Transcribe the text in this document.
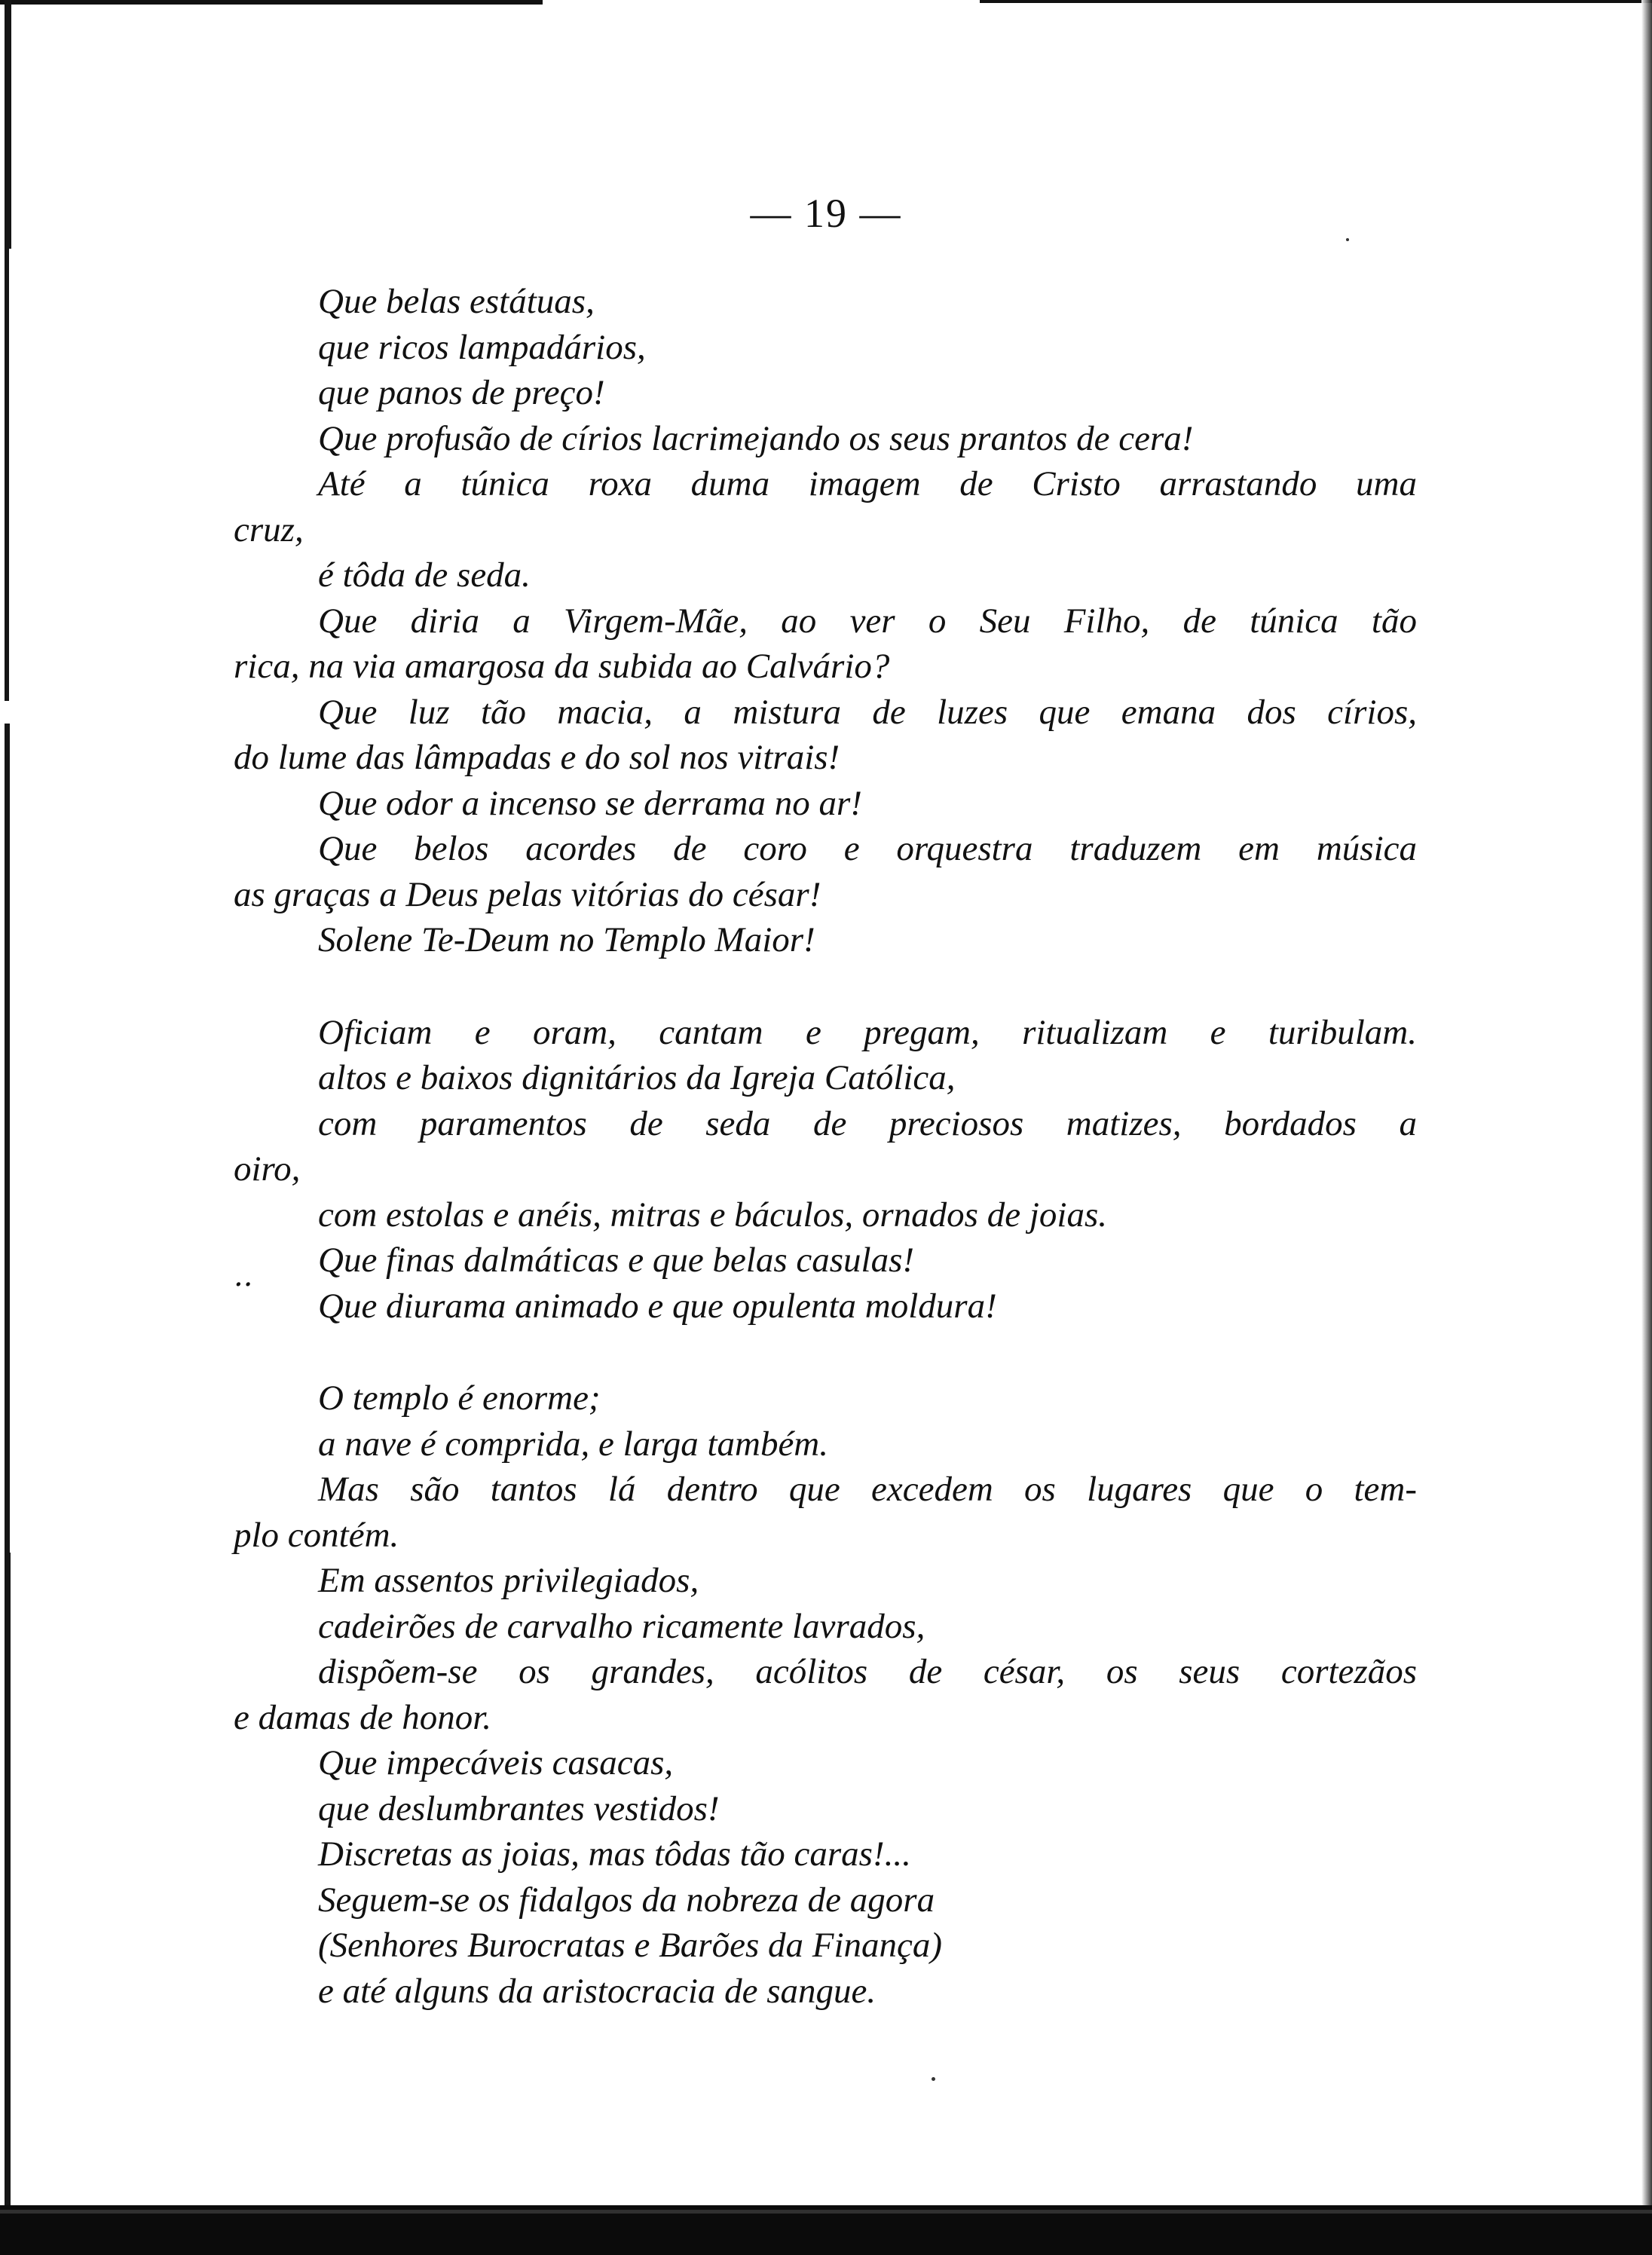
— 19 —
Que belas estátuas,
que ricos lampadários,
que panos de preço!
Que profusão de círios lacrimejando os seus prantos de cera!
Até a túnica roxa duma imagem de Cristo arrastando uma
cruz,
é tôda de seda.
Que diria a Virgem-Mãe, ao ver o Seu Filho, de túnica tão
rica, na via amargosa da subida ao Calvário?
Que luz tão macia, a mistura de luzes que emana dos círios,
do lume das lâmpadas e do sol nos vitrais!
Que odor a incenso se derrama no ar!
Que belos acordes de coro e orquestra traduzem em música
as graças a Deus pelas vitórias do césar!
Solene Te-Deum no Templo Maior!
Oficiam e oram, cantam e pregam, ritualizam e turibulam.
altos e baixos dignitários da Igreja Católica,
com paramentos de seda de preciosos matizes, bordados a
oiro,
com estolas e anéis, mitras e báculos, ornados de joias.
Que finas dalmáticas e que belas casulas!
Que diurama animado e que opulenta moldura!
O templo é enorme;
a nave é comprida, e larga também.
Mas são tantos lá dentro que excedem os lugares que o tem-
plo contém.
Em assentos privilegiados,
cadeirões de carvalho ricamente lavrados,
dispõem-se os grandes, acólitos de césar, os seus cortezãos
e damas de honor.
Que impecáveis casacas,
que deslumbrantes vestidos!
Discretas as joias, mas tôdas tão caras!...
Seguem-se os fidalgos da nobreza de agora
(Senhores Burocratas e Barões da Finança)
e até alguns da aristocracia de sangue.
..
